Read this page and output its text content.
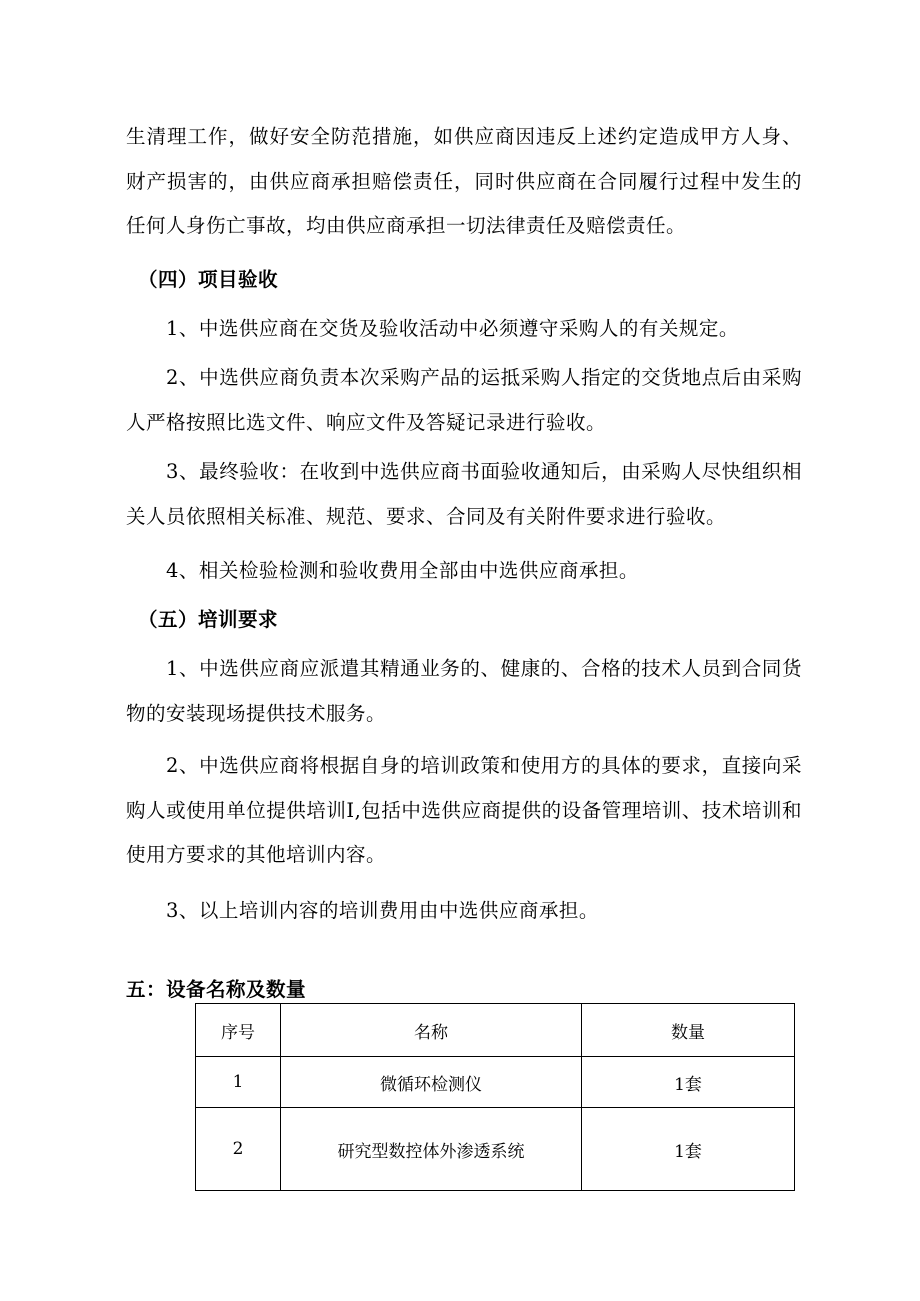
生清理工作，做好安全防范措施，如供应商因违反上述约定造成甲方人身、财产损害的，由供应商承担赔偿责任，同时供应商在合同履行过程中发生的任何人身伤亡事故，均由供应商承担一切法律责任及赔偿责任。

（四）项目验收

1、中选供应商在交货及验收活动中必须遵守采购人的有关规定。

2、中选供应商负责本次采购产品的运抵采购人指定的交货地点后由采购人严格按照比选文件、响应文件及答疑记录进行验收。

3、最终验收：在收到中选供应商书面验收通知后，由采购人尽快组织相关人员依照相关标准、规范、要求、合同及有关附件要求进行验收。

4、相关检验检测和验收费用全部由中选供应商承担。

（五）培训要求

1、中选供应商应派遣其精通业务的、健康的、合格的技术人员到合同货物的安装现场提供技术服务。

2、中选供应商将根据自身的培训政策和使用方的具体的要求，直接向采购人或使用单位提供培训I,包括中选供应商提供的设备管理培训、技术培训和使用方要求的其他培训内容。

3、以上培训内容的培训费用由中选供应商承担。

五：设备名称及数量

序号	名称	数量
1	微循环检测仪	1套
2	研究型数控体外渗透系统	1套
